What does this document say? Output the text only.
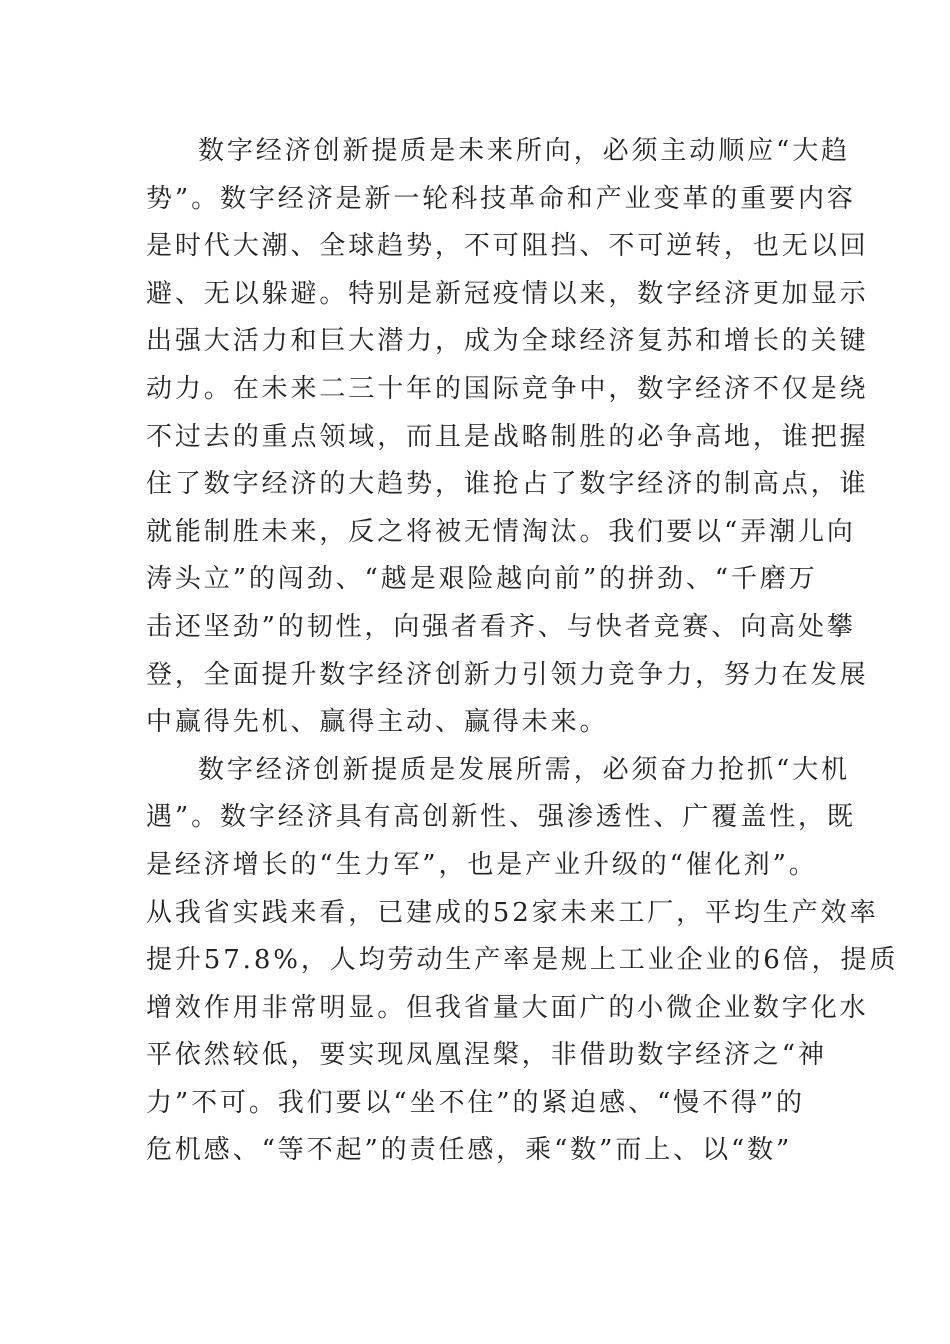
数字经济创新提质是未来所向，必须主动顺应“大趋
势”。数字经济是新一轮科技革命和产业变革的重要内容
是时代大潮、全球趋势，不可阻挡、不可逆转，也无以回
避、无以躲避。特别是新冠疫情以来，数字经济更加显示
出强大活力和巨大潜力，成为全球经济复苏和增长的关键
动力。在未来二三十年的国际竞争中，数字经济不仅是绕
不过去的重点领域，而且是战略制胜的必争高地，谁把握
住了数字经济的大趋势，谁抢占了数字经济的制高点，谁
就能制胜未来，反之将被无情淘汰。我们要以“弄潮儿向
涛头立”的闯劲、“越是艰险越向前”的拼劲、“千磨万
击还坚劲”的韧性，向强者看齐、与快者竞赛、向高处攀
登，全面提升数字经济创新力引领力竞争力，努力在发展
中赢得先机、赢得主动、赢得未来。
数字经济创新提质是发展所需，必须奋力抢抓“大机
遇”。数字经济具有高创新性、强渗透性、广覆盖性，既
是经济增长的“生力军”，也是产业升级的“催化剂”。
从我省实践来看，已建成的52家未来工厂，平均生产效率
提升57.8%，人均劳动生产率是规上工业企业的6倍，提质
增效作用非常明显。但我省量大面广的小微企业数字化水
平依然较低，要实现凤凰涅槃，非借助数字经济之“神
力”不可。我们要以“坐不住”的紧迫感、“慢不得”的
危机感、“等不起”的责任感，乘“数”而上、以“数”
